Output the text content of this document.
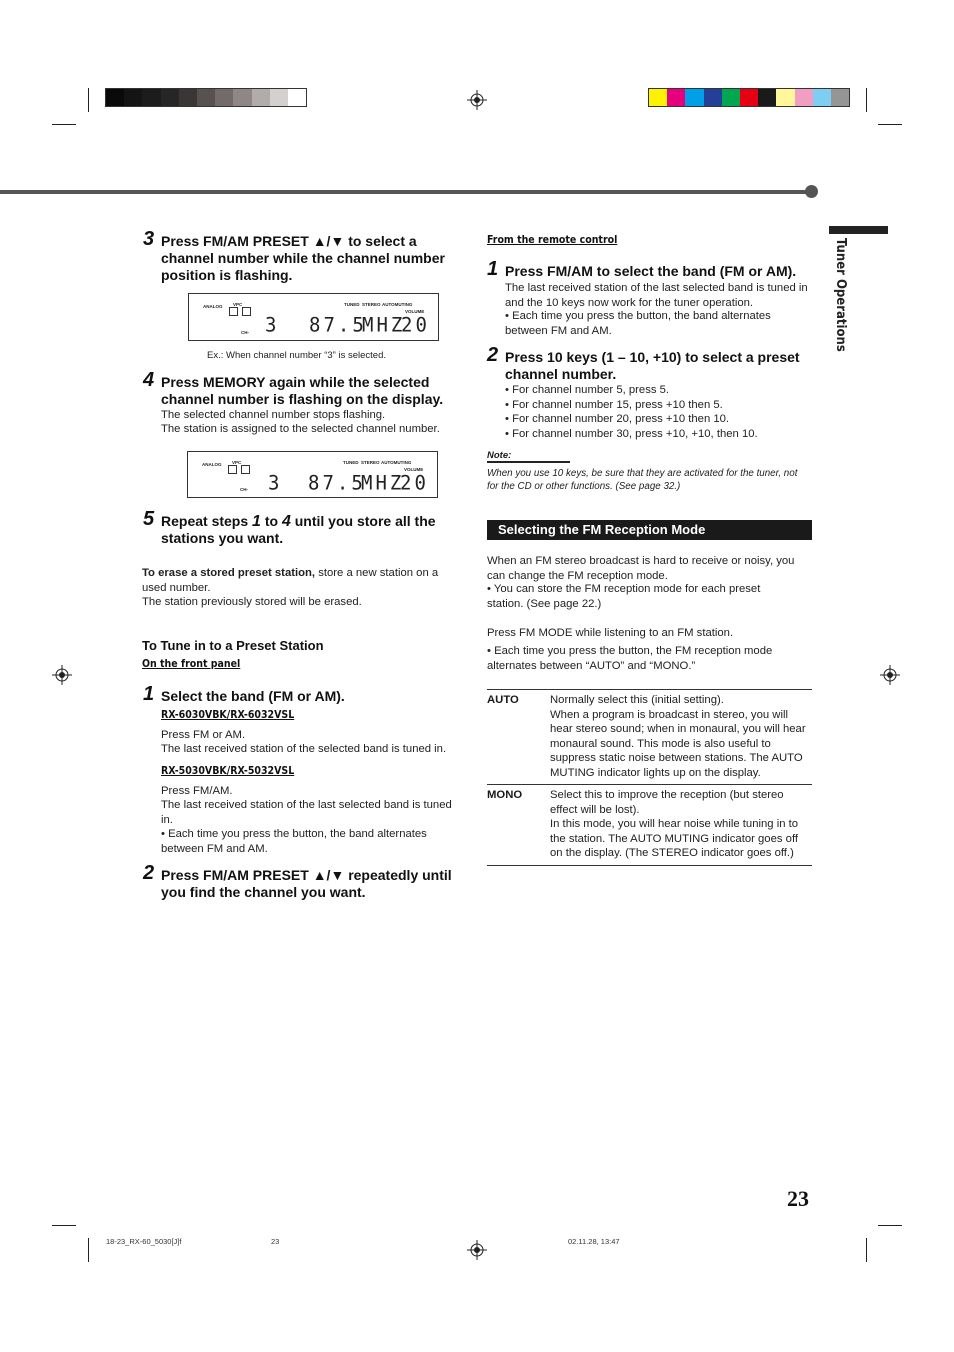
Tuner Operations
3 Press FM/AM PRESET ▲/▼ to select a channel number while the channel number position is flashing.
ANALOG VPC	TUNED STEREO AUTOMUTING
VOLUME
CH- 3 87.5
MHZ
20
Ex.: When channel number “3” is selected.
4 Press MEMORY again while the selected channel number is flashing on the display.
The selected channel number stops flashing.
The station is assigned to the selected channel number.
ANALOG VPC	TUNED STEREO AUTOMUTING
VOLUME
CH- 3 87.5
MHZ
20
5 Repeat steps 1 to 4 until you store all the stations you want.
To erase a stored preset station, store a new station on a used number.
The station previously stored will be erased.
To Tune in to a Preset Station
On the front panel
1 Select the band (FM or AM).
RX-6030VBK/RX-6032VSL
Press FM or AM.
The last received station of the selected band is tuned in.
RX-5030VBK/RX-5032VSL
Press FM/AM.
The last received station of the last selected band is tuned in.
• Each time you press the button, the band alternates between FM and AM.
2 Press FM/AM PRESET ▲/▼ repeatedly until you find the channel you want.
From the remote control
1 Press FM/AM to select the band (FM or AM).
The last received station of the last selected band is tuned in and the 10 keys now work for the tuner operation.
• Each time you press the button, the band alternates between FM and AM.
2 Press 10 keys (1 – 10, +10) to select a preset channel number.
• For channel number 5, press 5.
• For channel number 15, press +10 then 5.
• For channel number 20, press +10 then 10.
• For channel number 30, press +10, +10, then 10.
Note:
When you use 10 keys, be sure that they are activated for the tuner, not for the CD or other functions. (See page 32.)
Selecting the FM Reception Mode
When an FM stereo broadcast is hard to receive or noisy, you can change the FM reception mode.
• You can store the FM reception mode for each preset station. (See page 22.)
Press FM MODE while listening to an FM station.
• Each time you press the button, the FM reception mode alternates between “AUTO” and “MONO.”
AUTO	Normally select this (initial setting).
When a program is broadcast in stereo, you will hear stereo sound; when in monaural, you will hear monaural sound. This mode is also useful to suppress static noise between stations. The AUTO MUTING indicator lights up on the display.
MONO	Select this to improve the reception (but stereo effect will be lost).
In this mode, you will hear noise while tuning in to the station. The AUTO MUTING indicator goes off on the display. (The STEREO indicator goes off.)
23
18-23_RX-60_5030[J]f	23	02.11.28, 13:47
